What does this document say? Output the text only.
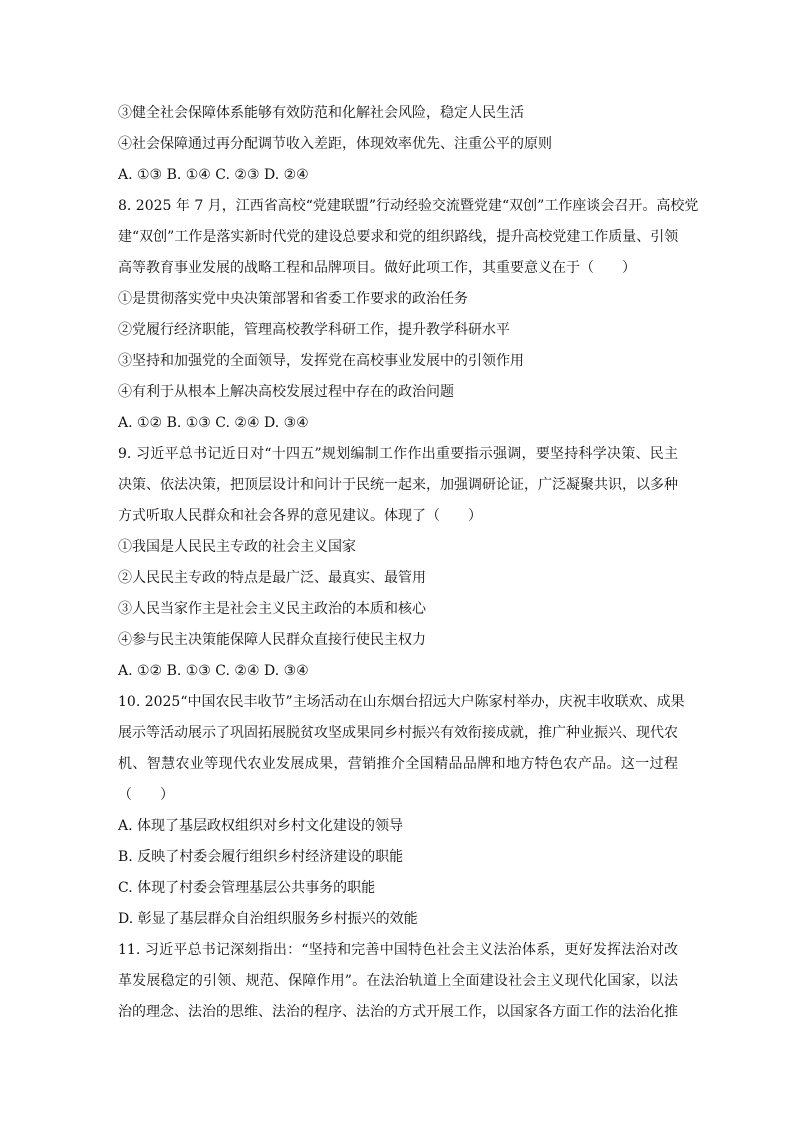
③健全社会保障体系能够有效防范和化解社会风险，稳定人民生活
④社会保障通过再分配调节收入差距，体现效率优先、注重公平的原则
A. ①③ B. ①④ C. ②③ D. ②④
8. 2025 年 7 月，江西省高校“党建联盟”行动经验交流暨党建“双创”工作座谈会召开。高校党
建“双创”工作是落实新时代党的建设总要求和党的组织路线，提升高校党建工作质量、引领
高等教育事业发展的战略工程和品牌项目。做好此项工作，其重要意义在于（　　）
①是贯彻落实党中央决策部署和省委工作要求的政治任务
②党履行经济职能，管理高校教学科研工作，提升教学科研水平
③坚持和加强党的全面领导，发挥党在高校事业发展中的引领作用
④有利于从根本上解决高校发展过程中存在的政治问题
A. ①② B. ①③ C. ②④ D. ③④
9. 习近平总书记近日对“十四五”规划编制工作作出重要指示强调，要坚持科学决策、民主
决策、依法决策，把顶层设计和问计于民统一起来，加强调研论证，广泛凝聚共识，以多种
方式听取人民群众和社会各界的意见建议。体现了（　　）
①我国是人民民主专政的社会主义国家
②人民民主专政的特点是最广泛、最真实、最管用
③人民当家作主是社会主义民主政治的本质和核心
④参与民主决策能保障人民群众直接行使民主权力
A. ①② B. ①③ C. ②④ D. ③④
10. 2025“中国农民丰收节”主场活动在山东烟台招远大户陈家村举办，庆祝丰收联欢、成果
展示等活动展示了巩固拓展脱贫攻坚成果同乡村振兴有效衔接成就，推广种业振兴、现代农
机、智慧农业等现代农业发展成果，营销推介全国精品品牌和地方特色农产品。这一过程
（　　）
A. 体现了基层政权组织对乡村文化建设的领导
B. 反映了村委会履行组织乡村经济建设的职能
C. 体现了村委会管理基层公共事务的职能
D. 彰显了基层群众自治组织服务乡村振兴的效能
11. 习近平总书记深刻指出：“坚持和完善中国特色社会主义法治体系，更好发挥法治对改
革发展稳定的引领、规范、保障作用”。在法治轨道上全面建设社会主义现代化国家，以法
治的理念、法治的思维、法治的程序、法治的方式开展工作，以国家各方面工作的法治化推
